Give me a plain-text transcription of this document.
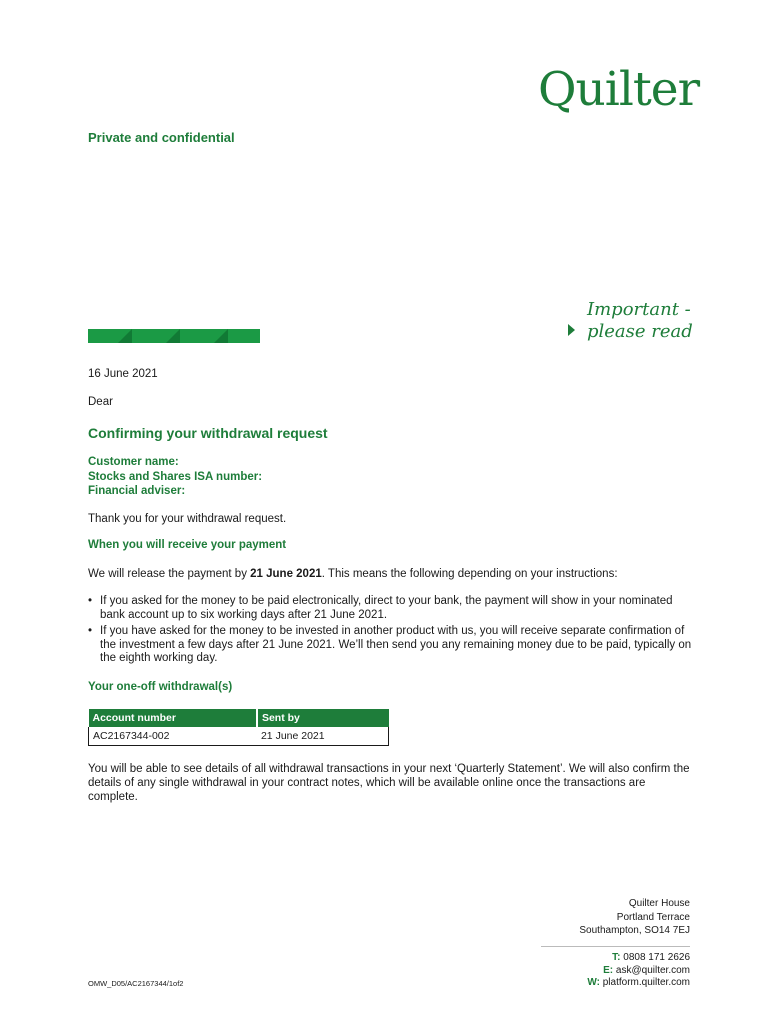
Quilter
Private and confidential
Important -
please read
16 June 2021
Dear
Confirming your withdrawal request
Customer name:
Stocks and Shares ISA number:
Financial adviser:
Thank you for your withdrawal request.
When you will receive your payment
We will release the payment by 21 June 2021. This means the following depending on your instructions:
• If you asked for the money to be paid electronically, direct to your bank, the payment will show in your nominated bank account up to six working days after 21 June 2021.
• If you have asked for the money to be invested in another product with us, you will receive separate confirmation of the investment a few days after 21 June 2021. We’ll then send you any remaining money due to be paid, typically on the eighth working day.
Your one-off withdrawal(s)
Account number	Sent by
AC2167344-002	21 June 2021
You will be able to see details of all withdrawal transactions in your next ‘Quarterly Statement’. We will also confirm the details of any single withdrawal in your contract notes, which will be available online once the transactions are complete.
Quilter House
Portland Terrace
Southampton, SO14 7EJ
T: 0808 171 2626
E: ask@quilter.com
W: platform.quilter.com
OMW_D05/AC2167344/1of2
